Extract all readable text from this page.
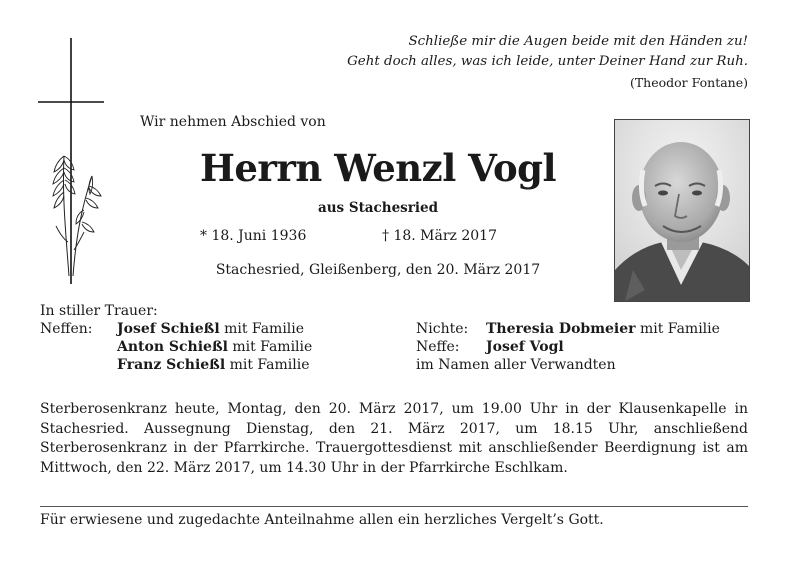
Schließe mir die Augen beide mit den Händen zu!
Geht doch alles, was ich leide, unter Deiner Hand zur Ruh.
(Theodor Fontane)
Wir nehmen Abschied von
Herrn Wenzl Vogl
aus Stachesried
* 18. Juni 1936	† 18. März 2017
Stachesried, Gleißenberg, den 20. März 2017
In stiller Trauer:
Neffen: Josef Schießl mit Familie
Anton Schießl mit Familie
Franz Schießl mit Familie
Nichte: Theresia Dobmeier mit Familie
Neffe: Josef Vogl
im Namen aller Verwandten
Sterberosenkranz heute, Montag, den 20. März 2017, um 19.00 Uhr in der Klausenkapelle in Stachesried. Aussegnung Dienstag, den 21. März 2017, um 18.15 Uhr, anschließend Sterberosenkranz in der Pfarrkirche. Trauergottesdienst mit anschließender Beerdignung ist am Mittwoch, den 22. März 2017, um 14.30 Uhr in der Pfarrkirche Eschlkam.
Für erwiesene und zugedachte Anteilnahme allen ein herzliches Vergelt’s Gott.
